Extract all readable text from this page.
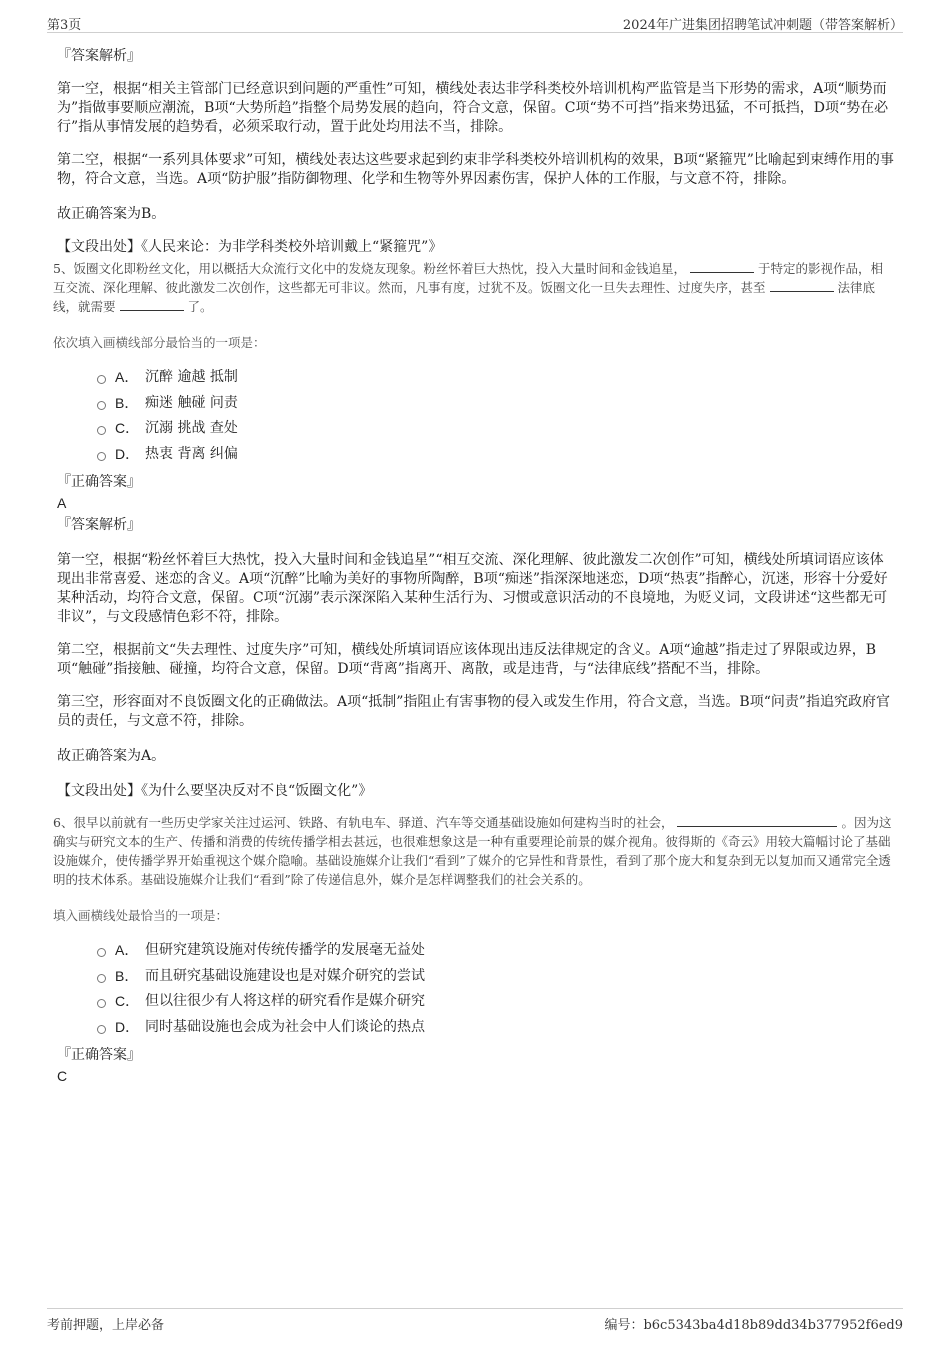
第3页	2024年广进集团招聘笔试冲刺题（带答案解析）
『答案解析』

第一空，根据“相关主管部门已经意识到问题的严重性”可知，横线处表达非学科类校外培训机构严监管是当下形势的需求，A项“顺势而为”指做事要顺应潮流，B项“大势所趋”指整个局势发展的趋向，符合文意，保留。C项“势不可挡”指来势迅猛，不可抵挡，D项“势在必行”指从事情发展的趋势看，必须采取行动，置于此处均用法不当，排除。

第二空，根据“一系列具体要求”可知，横线处表达这些要求起到约束非学科类校外培训机构的效果，B项“紧箍咒”比喻起到束缚作用的事物，符合文意，当选。A项“防护服”指防御物理、化学和生物等外界因素伤害，保护人体的工作服，与文意不符，排除。

故正确答案为B。

【文段出处】《人民来论：为非学科类校外培训戴上“紧箍咒”》

5、饭圈文化即粉丝文化，用以概括大众流行文化中的发烧友现象。粉丝怀着巨大热忱，投入大量时间和金钱追星，	于特定的影视作品，相互交流、深化理解、彼此激发二次创作，这些都无可非议。然而，凡事有度，过犹不及。饭圈文化一旦失去理性、过度失序，甚至	法律底线，就需要	了。

依次填入画横线部分最恰当的一项是：

A． 沉醉 逾越 抵制
B． 痴迷 触碰 问责
C． 沉溺 挑战 查处
D． 热衷 背离 纠偏
『正确答案』
A
『答案解析』

第一空，根据“粉丝怀着巨大热忱，投入大量时间和金钱追星”“相互交流、深化理解、彼此激发二次创作”可知，横线处所填词语应该体现出非常喜爱、迷恋的含义。A项“沉醉”比喻为美好的事物所陶醉，B项“痴迷”指深深地迷恋，D项“热衷”指醉心，沉迷，形容十分爱好某种活动，均符合文意，保留。C项“沉溺”表示深深陷入某种生活行为、习惯或意识活动的不良境地，为贬义词，文段讲述“这些都无可非议”，与文段感情色彩不符，排除。

第二空，根据前文“失去理性、过度失序”可知，横线处所填词语应该体现出违反法律规定的含义。A项“逾越”指走过了界限或边界，B项“触碰”指接触、碰撞，均符合文意，保留。D项“背离”指离开、离散，或是违背，与“法律底线”搭配不当，排除。

第三空，形容面对不良饭圈文化的正确做法。A项“抵制”指阻止有害事物的侵入或发生作用，符合文意，当选。B项“问责”指追究政府官员的责任，与文意不符，排除。

故正确答案为A。

【文段出处】《为什么要坚决反对不良“饭圈文化”》

6、很早以前就有一些历史学家关注过运河、铁路、有轨电车、驿道、汽车等交通基础设施如何建构当时的社会，	。因为这确实与研究文本的生产、传播和消费的传统传播学相去甚远，也很难想象这是一种有重要理论前景的媒介视角。彼得斯的《奇云》用较大篇幅讨论了基础设施媒介，使传播学界开始重视这个媒介隐喻。基础设施媒介让我们“看到”了媒介的它异性和背景性，看到了那个庞大和复杂到无以复加而又通常完全透明的技术体系。基础设施媒介让我们“看到”除了传递信息外，媒介是怎样调整我们的社会关系的。

填入画横线处最恰当的一项是：

A． 但研究建筑设施对传统传播学的发展毫无益处
B． 而且研究基础设施建设也是对媒介研究的尝试
C． 但以往很少有人将这样的研究看作是媒介研究
D． 同时基础设施也会成为社会中人们谈论的热点
『正确答案』
C
考前押题，上岸必备	编号：b6c5343ba4d18b89dd34b377952f6ed9
